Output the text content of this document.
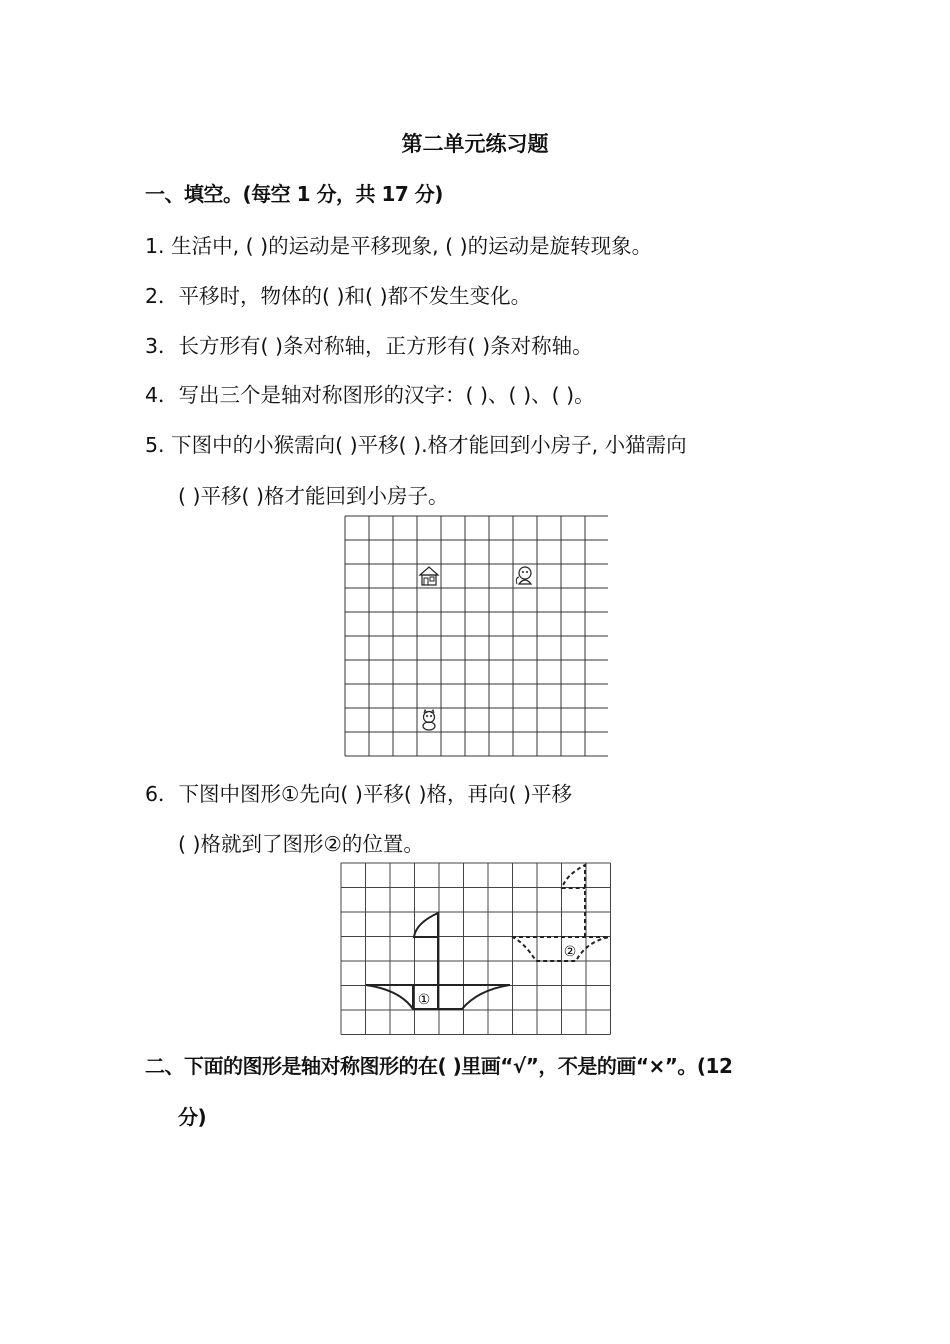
第二单元练习题
一、填空。(每空 1 分，共 17 分)
1. 生活中, ( )的运动是平移现象, ( )的运动是旋转现象。
2．平移时，物体的( )和( )都不发生变化。
3．长方形有( )条对称轴，正方形有( )条对称轴。
4．写出三个是轴对称图形的汉字：( )、( )、( )。
5. 下图中的小猴需向( )平移( ).格才能回到小房子, 小猫需向
( )平移( )格才能回到小房子。
6．下图中图形①先向( )平移( )格，再向( )平移
( )格就到了图形②的位置。
①
②
二、下面的图形是轴对称图形的在( )里画“√”，不是的画“×”。(12
分)
